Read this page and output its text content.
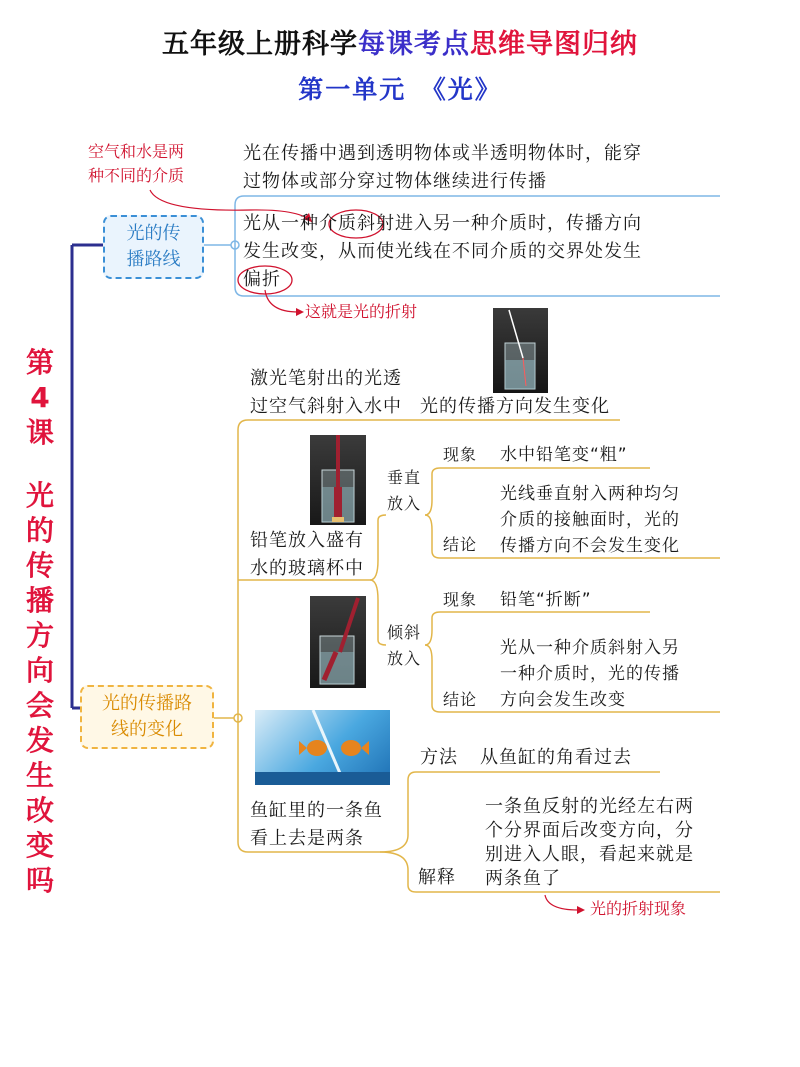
五年级上册科学每课考点思维导图归纳
第一单元　《光》
第
4
课
光
的
传
播
方
向
会
发
生
改
变
吗
光的传
播路线
空气和水是两
种不同的介质
光在传播中遇到透明物体或半透明物体时，能穿
过物体或部分穿过物体继续进行传播
光从一种介质斜射进入另一种介质时，传播方向
发生改变，从而使光线在不同介质的交界处发生
偏折
这就是光的折射
光的传播路
线的变化
激光笔射出的光透
过空气斜射入水中 光的传播方向发生变化
铅笔放入盛有
水的玻璃杯中
垂直
放入
现象 水中铅笔变“粗”
结论
光线垂直射入两种均匀
介质的接触面时，光的
传播方向不会发生变化
倾斜
放入
现象 铅笔“折断”
结论
光从一种介质斜射入另
一种介质时，光的传播
方向会发生改变
鱼缸里的一条鱼
看上去是两条
方法 从鱼缸的角看过去
解释
一条鱼反射的光经左右两
个分界面后改变方向，分
别进入人眼，看起来就是
两条鱼了
光的折射现象
